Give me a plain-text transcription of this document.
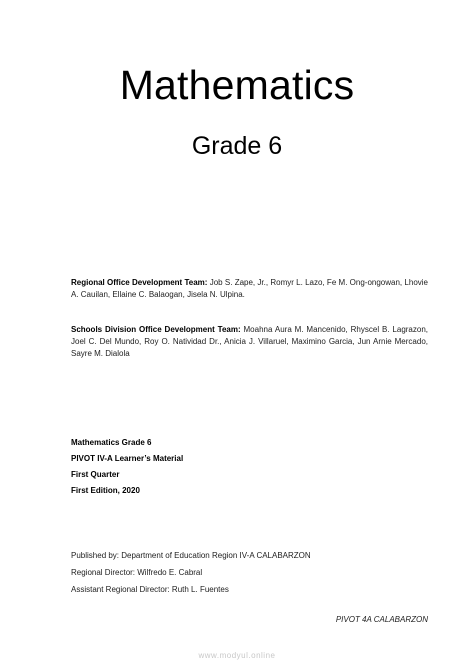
Mathematics
Grade 6
Regional Office Development Team: Job S. Zape, Jr., Romyr L. Lazo, Fe M. Ong-ongowan, Lhovie A. Cauilan, Ellaine C. Balaogan, Jisela N. Ulpina.
Schools Division Office Development Team: Moahna Aura M. Mancenido, Rhyscel B. Lagrazon, Joel C. Del Mundo, Roy O. Natividad Dr., Anicia J. Villaruel, Maximino Garcia, Jun Arnie Mercado, Sayre M. Dialola
Mathematics Grade 6
PIVOT IV-A Learner’s Material
First Quarter
First Edition, 2020
Published by: Department of Education Region IV-A CALABARZON
Regional Director: Wilfredo E. Cabral
Assistant Regional Director: Ruth L. Fuentes
PIVOT 4A CALABARZON
www.modyul.online
